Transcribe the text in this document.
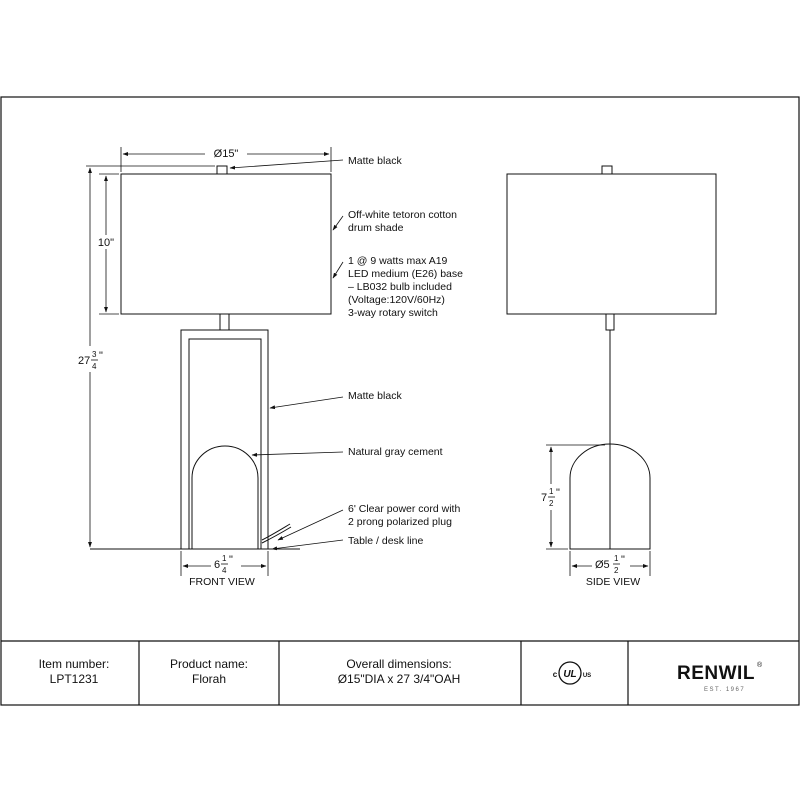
Ø15"
10"
27
3
4
"
6
1
4
"
FRONT VIEW
Matte black
Off-white tetoron cotton
drum shade
1 @ 9 watts max A19
LED medium (E26) base
– LB032 bulb included
(Voltage:120V/60Hz)
3-way rotary switch
Matte black
Natural gray cement
6' Clear power cord with
2 prong polarized plug
Table / desk line
7
1
2
"
Ø5
1
2
"
SIDE VIEW
Item number:
LPT1231
Product name:
Florah
Overall dimensions:
Ø15"DIA x 27 3/4"OAH	UL
c	US	RENWIL ®
EST. 1967
